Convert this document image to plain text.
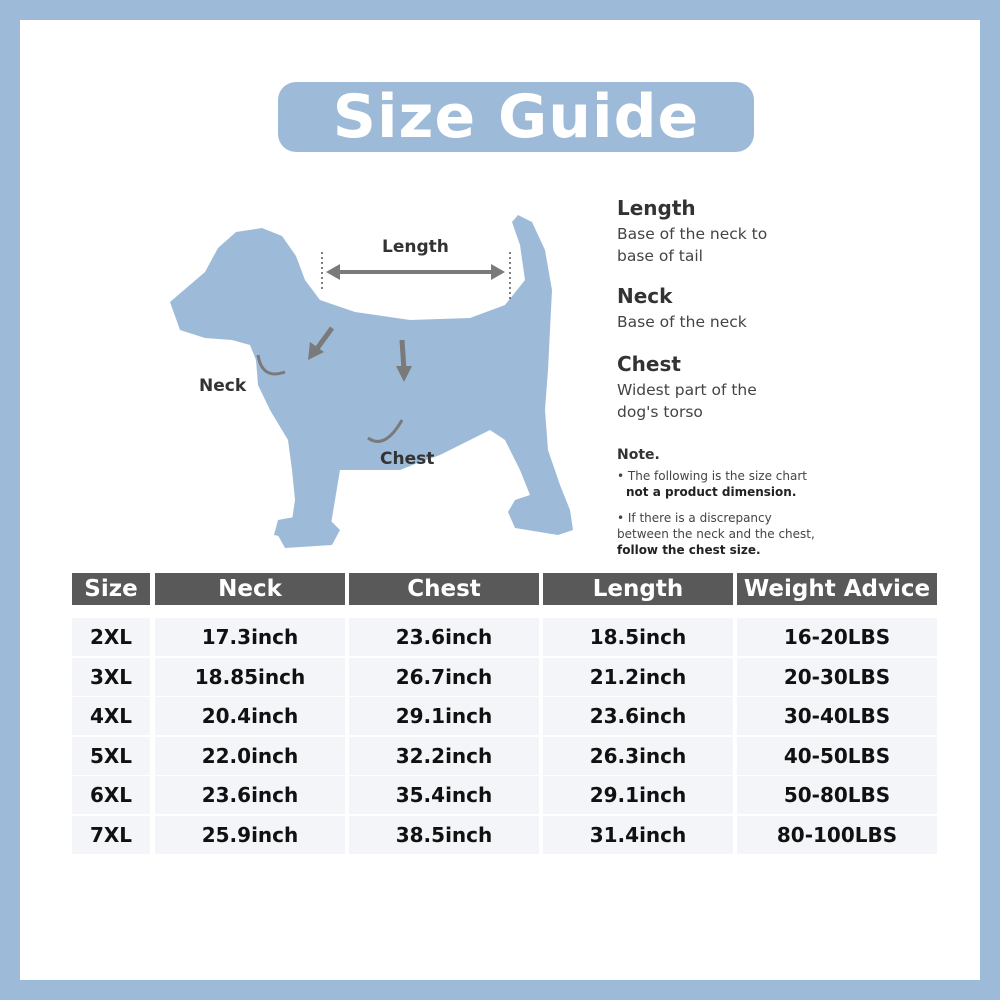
Size Guide
Length
Neck
Chest

Length

Base of the neck to
base of tail

Neck

Base of the neck

Chest

Widest part of the
dog's torso

Note.
• The following is the size chart
not a product dimension.
• If there is a discrepancy between the neck and the chest, follow the chest size.
Size	Neck	Chest	Length	Weight Advice
2XL	17.3inch	23.6inch	18.5inch	16-20LBS
3XL	18.85inch	26.7inch	21.2inch	20-30LBS
4XL	20.4inch	29.1inch	23.6inch	30-40LBS
5XL	22.0inch	32.2inch	26.3inch	40-50LBS
6XL	23.6inch	35.4inch	29.1inch	50-80LBS
7XL	25.9inch	38.5inch	31.4inch	80-100LBS
